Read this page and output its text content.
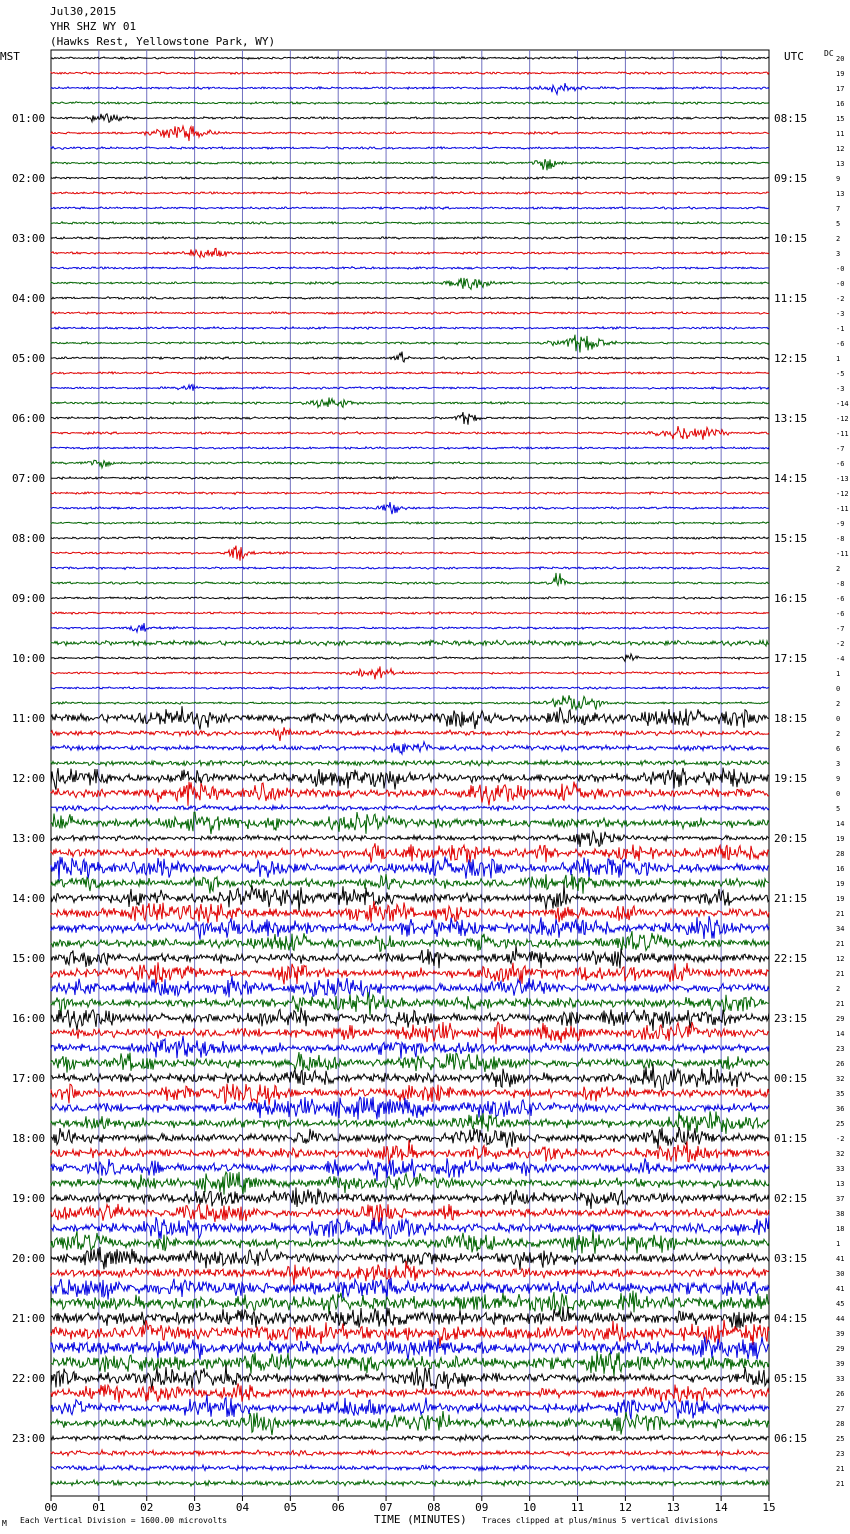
Jul30,2015
YHR SHZ WY 01
(Hawks Rest, Yellowstone Park, WY)
MST	UTC	DC
00	01	02	03	04	05	06	07	08	09	10	11	12	13	14	15
20
19
17
16
15
11
12
13
9
13
7
5
2
3
-0
-0
-2
-3
-1
-6
1
-5
-3
-14
-12
-11
-7
-6
-13
-12
-11
-9
-8
-11
2
-8
-6
-6
-7
-2
-4
1
0
2
0
2
6
3
9
0
5
14
19
28
16
19
19
21
34
21
12
21
2
21
29
14
23
26
32
35
36
25
-2
32
33
13
37
38
18
1
41
30
41
45
44
39
29
39
33
26
27
28
25
23
21
21
01:00	08:15
02:00	09:15
03:00	10:15
04:00	11:15
05:00	12:15
06:00	13:15
07:00	14:15
08:00	15:15
09:00	16:15
10:00	17:15
11:00	18:15
12:00	19:15
13:00	20:15
14:00	21:15
15:00	22:15
16:00	23:15
17:00	00:15
18:00	01:15
19:00	02:15
20:00	03:15
21:00	04:15
22:00	05:15
23:00	06:15
M Each Vertical Division = 1600.00 microvolts	TIME (MINUTES) Traces clipped at plus/minus 5 vertical divisions
